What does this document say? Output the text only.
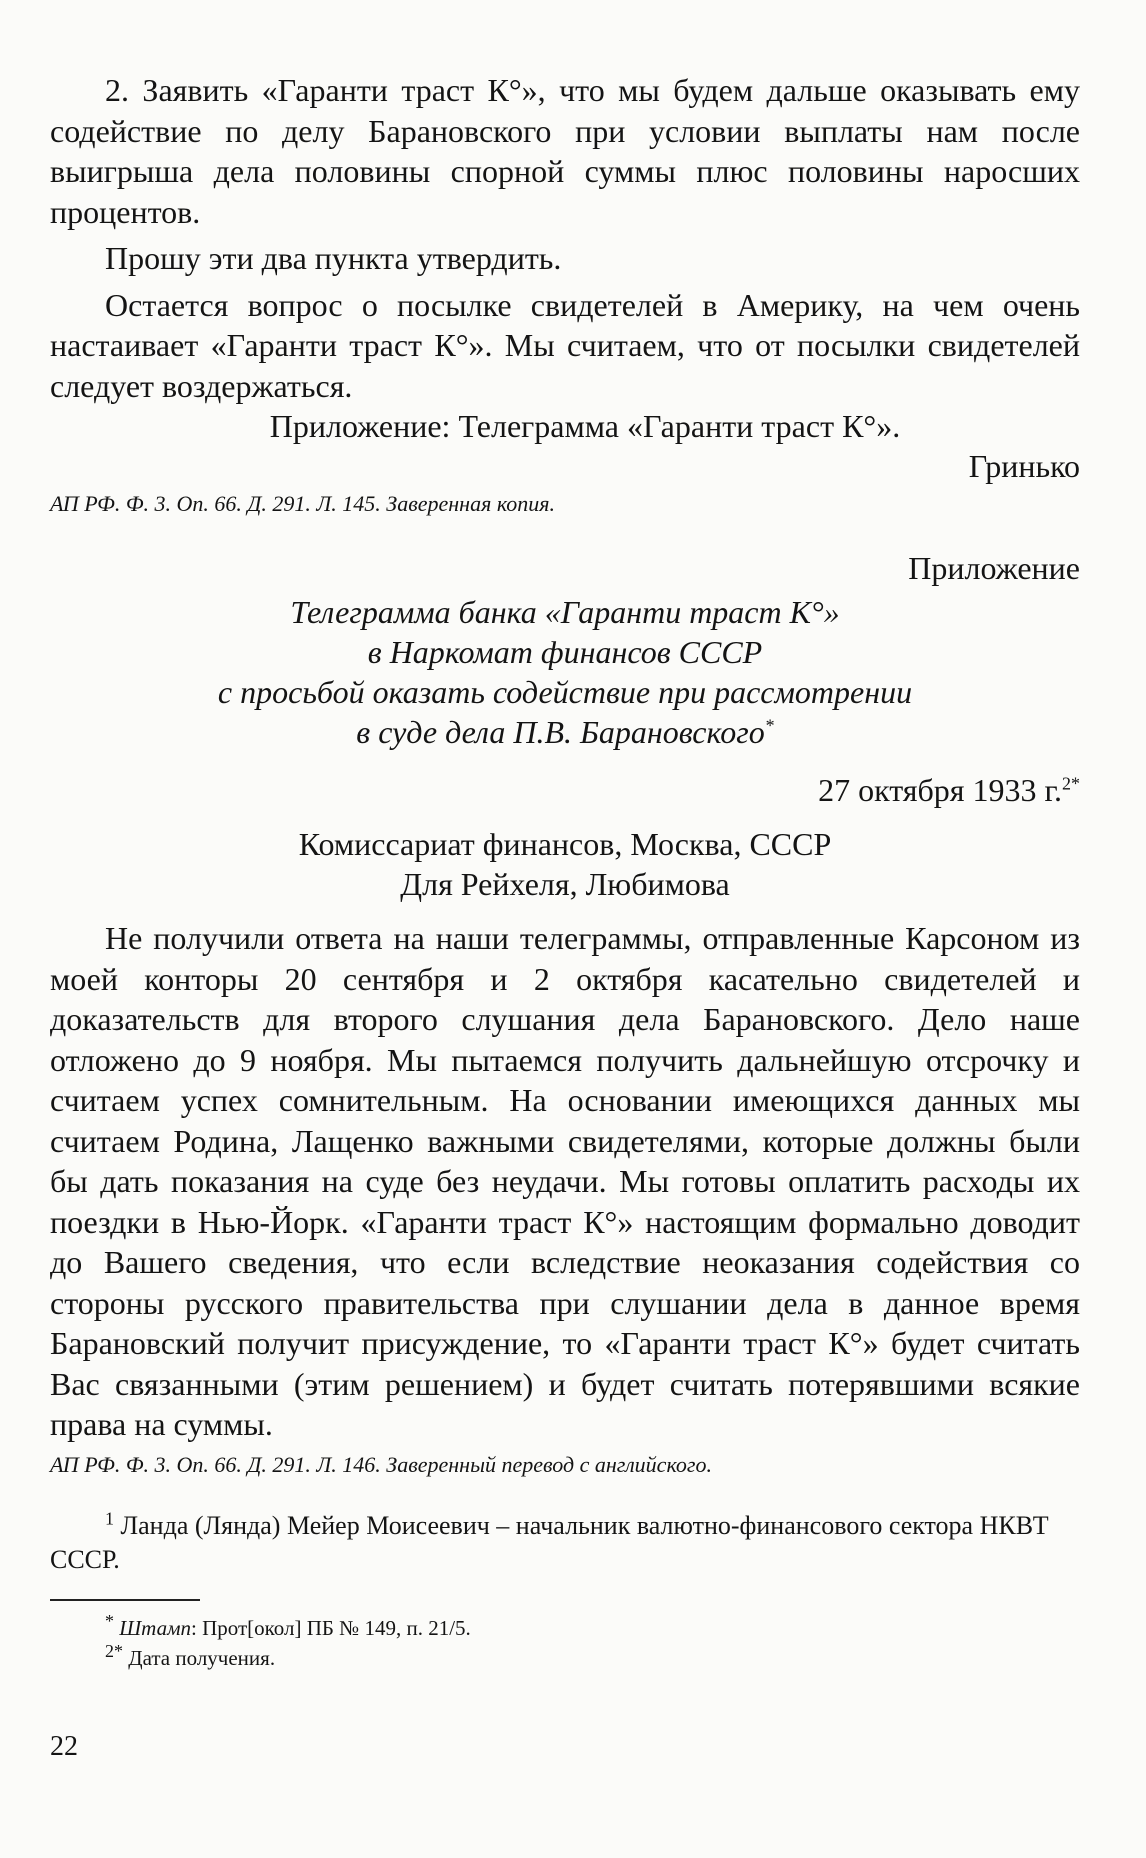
2. Заявить «Гаранти траст К°», что мы будем дальше оказывать ему содействие по делу Барановского при условии выплаты нам после выигрыша дела половины спорной суммы плюс половины наросших процентов.

Прошу эти два пункта утвердить.

Остается вопрос о посылке свидетелей в Америку, на чем очень настаивает «Гаранти траст К°». Мы считаем, что от посылки свидетелей следует воздержаться.

Приложение: Телеграмма «Гаранти траст К°».

Гринько

АП РФ. Ф. 3. Оп. 66. Д. 291. Л. 145. Заверенная копия.

Приложение

Телеграмма банка «Гаранти траст К°»

в Наркомат финансов СССР

с просьбой оказать содействие при рассмотрении

в суде дела П.В. Барановского*

27 октября 1933 г.$^{2*}$

Комиссариат финансов, Москва, СССР

Для Рейхеля, Любимова

Не получили ответа на наши телеграммы, отправленные Карсоном из моей конторы 20 сентября и 2 октября касательно свидетелей и доказательств для второго слушания дела Барановского. Дело наше отложено до 9 ноября. Мы пытаемся получить дальнейшую отсрочку и считаем успех сомнительным. На основании имеющихся данных мы считаем Родина, Лащенко важными свидетелями, которые должны были бы дать показания на суде без неудачи. Мы готовы оплатить расходы их поездки в Нью-Йорк. «Гаранти траст К°» настоящим формально доводит до Вашего сведения, что если вследствие неоказания содействия со стороны русского правительства при слушании дела в данное время Барановский получит присуждение, то «Гаранти траст К°» будет считать Вас связанными (этим решением) и будет считать потерявшими всякие права на суммы.

АП РФ. Ф. 3. Оп. 66. Д. 291. Л. 146. Заверенный перевод с английского.

$^1$ Ланда (Лянда) Мейер Моисеевич – начальник валютно-финансового сектора НКВТ СССР.

* Штамп: Прот[окол] ПБ № 149, п. 21/5.

$^{2*}$ Дата получения.

22
